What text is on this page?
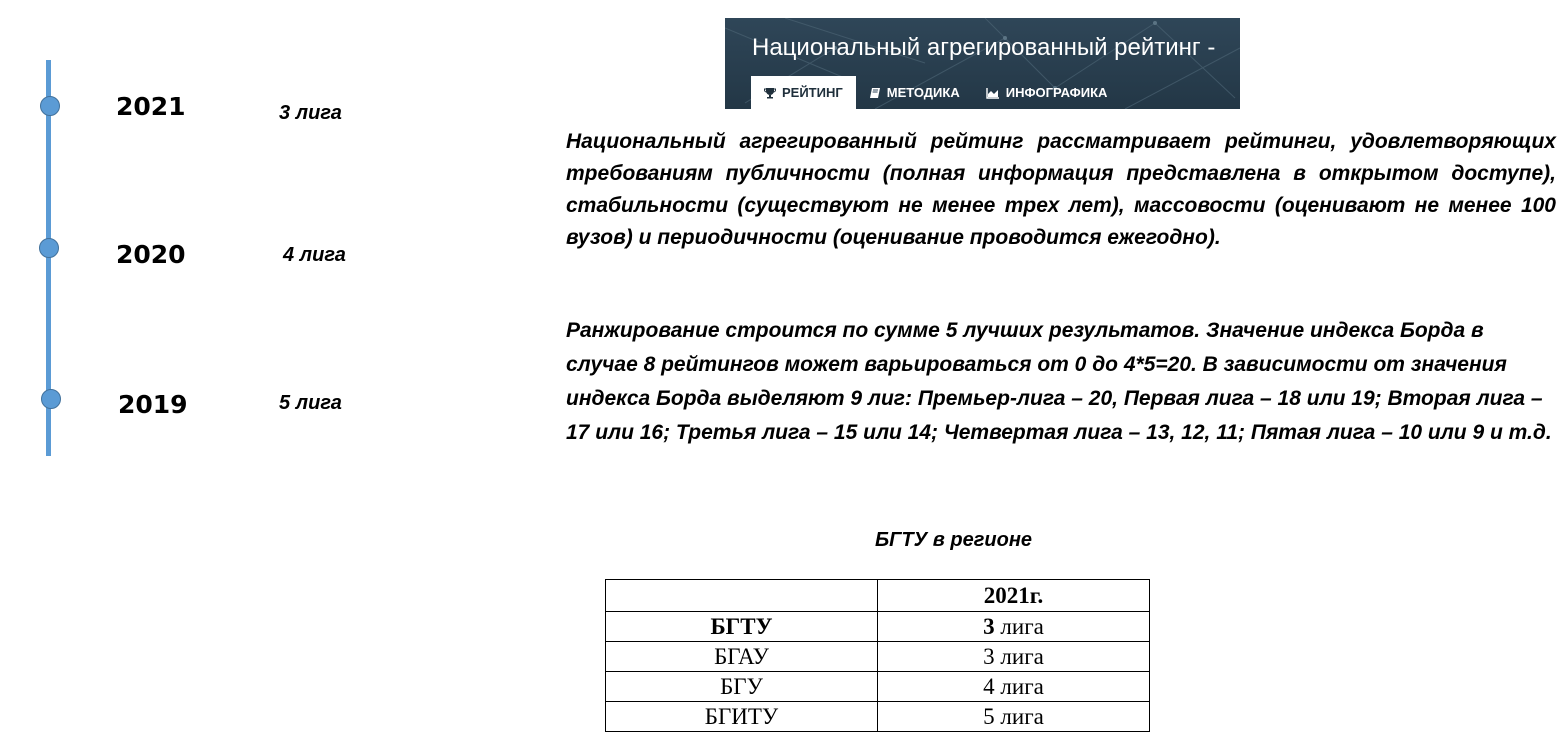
2021	3 лига
2020	4 лига
2019	5 лига
Национальный агрегированный рейтинг -
РЕЙТИНГ	МЕТОДИКА	ИНФОГРАФИКА

Национальный агрегированный рейтинг рассматривает рейтинги, удовлетворяющих требованиям публичности (полная информация представлена в открытом доступе), стабильности (существуют не менее трех лет), массовости (оценивают не менее 100 вузов) и периодичности (оценивание проводится ежегодно).

Ранжирование строится по сумме 5 лучших результатов. Значение индекса Борда в случае 8 рейтингов может варьироваться от 0 до 4*5=20. В зависимости от значения индекса Борда выделяют 9 лиг: Премьер-лига – 20, Первая лига – 18 или 19; Вторая лига – 17 или 16; Третья лига – 15 или 14; Четвертая лига – 13, 12, 11; Пятая лига – 10 или 9 и т.д.

БГТУ в регионе
	2021г.
БГТУ	3 лига
БГАУ	3 лига
БГУ	4 лига
БГИТУ	5 лига
